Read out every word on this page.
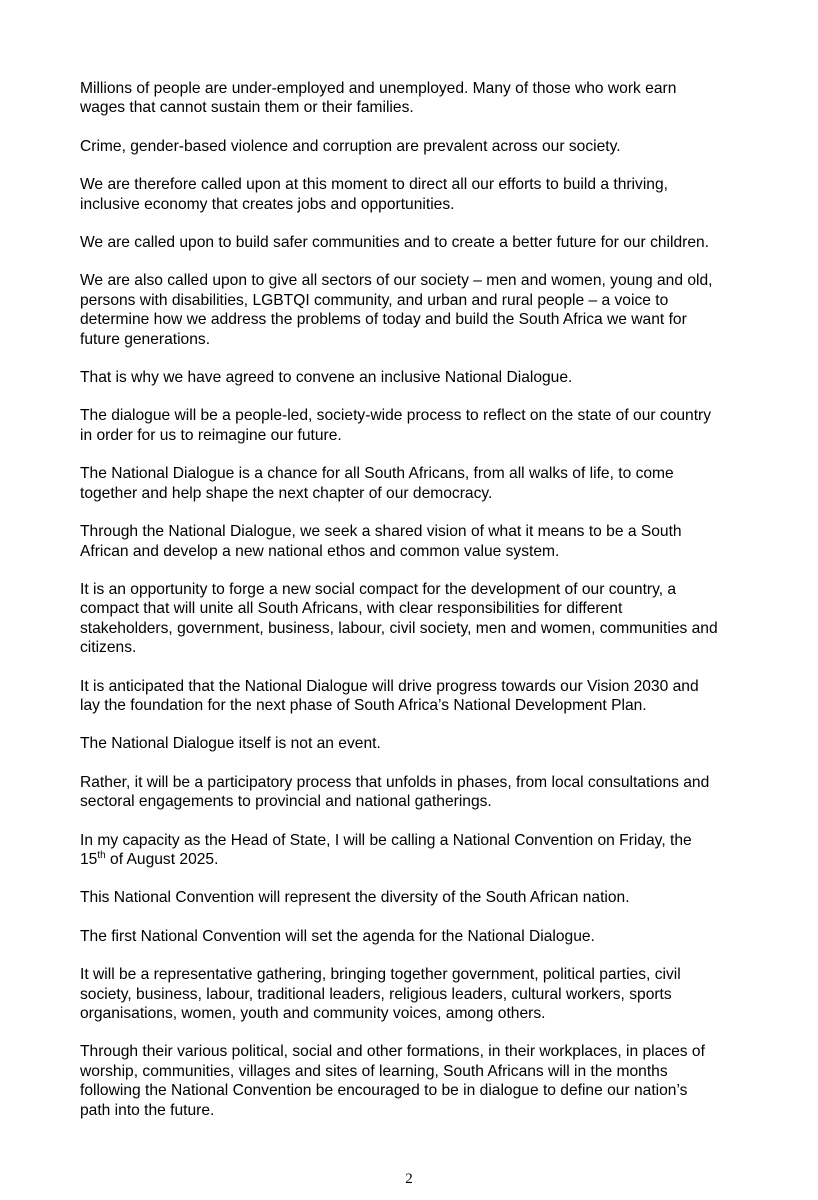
Millions of people are under-employed and unemployed. Many of those who work earn
wages that cannot sustain them or their families.

Crime, gender-based violence and corruption are prevalent across our society.

We are therefore called upon at this moment to direct all our efforts to build a thriving,
inclusive economy that creates jobs and opportunities.

We are called upon to build safer communities and to create a better future for our children.

We are also called upon to give all sectors of our society – men and women, young and old,
persons with disabilities, LGBTQI community, and urban and rural people – a voice to
determine how we address the problems of today and build the South Africa we want for
future generations.

That is why we have agreed to convene an inclusive National Dialogue.

The dialogue will be a people-led, society-wide process to reflect on the state of our country
in order for us to reimagine our future.

The National Dialogue is a chance for all South Africans, from all walks of life, to come
together and help shape the next chapter of our democracy.

Through the National Dialogue, we seek a shared vision of what it means to be a South
African and develop a new national ethos and common value system.

It is an opportunity to forge a new social compact for the development of our country, a
compact that will unite all South Africans, with clear responsibilities for different
stakeholders, government, business, labour, civil society, men and women, communities and
citizens.

It is anticipated that the National Dialogue will drive progress towards our Vision 2030 and
lay the foundation for the next phase of South Africa’s National Development Plan.

The National Dialogue itself is not an event.

Rather, it will be a participatory process that unfolds in phases, from local consultations and
sectoral engagements to provincial and national gatherings.

In my capacity as the Head of State, I will be calling a National Convention on Friday, the
15th of August 2025.

This National Convention will represent the diversity of the South African nation.

The first National Convention will set the agenda for the National Dialogue.

It will be a representative gathering, bringing together government, political parties, civil
society, business, labour, traditional leaders, religious leaders, cultural workers, sports
organisations, women, youth and community voices, among others.

Through their various political, social and other formations, in their workplaces, in places of
worship, communities, villages and sites of learning, South Africans will in the months
following the National Convention be encouraged to be in dialogue to define our nation’s
path into the future.

2
